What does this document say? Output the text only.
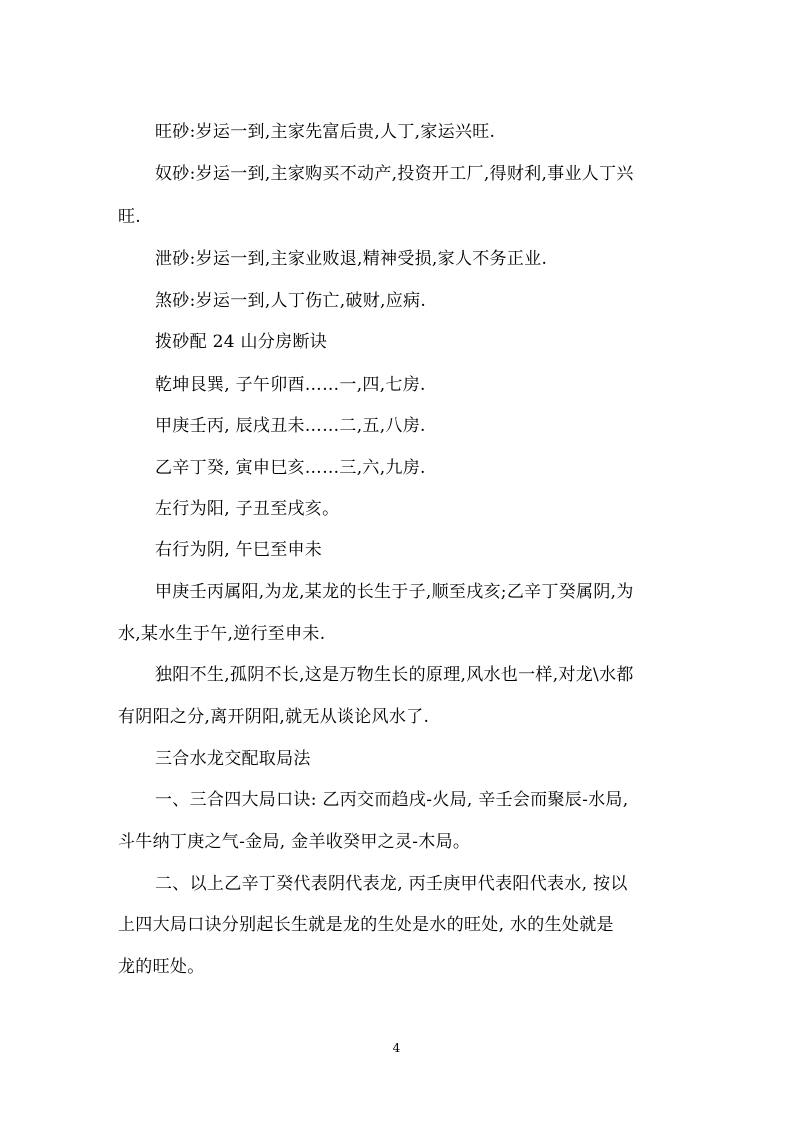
旺砂:岁运一到,主家先富后贵,人丁,家运兴旺.
奴砂:岁运一到,主家购买不动产,投资开工厂,得财利,事业人丁兴
旺.
泄砂:岁运一到,主家业败退,精神受损,家人不务正业.
煞砂:岁运一到,人丁伤亡,破财,应病.
拨砂配 24 山分房断诀
乾坤艮巽, 子午卯酉……一,四,七房.
甲庚壬丙, 辰戌丑未……二,五,八房.
乙辛丁癸, 寅申巳亥……三,六,九房.
左行为阳, 子丑至戌亥。
右行为阴, 午巳至申未
甲庚壬丙属阳,为龙,某龙的长生于子,顺至戌亥;乙辛丁癸属阴,为
水,某水生于午,逆行至申未.
独阳不生,孤阴不长,这是万物生长的原理,风水也一样,对龙\水都
有阴阳之分,离开阴阳,就无从谈论风水了.
三合水龙交配取局法
一、三合四大局口诀: 乙丙交而趋戌-火局, 辛壬会而聚辰-水局,
斗牛纳丁庚之气-金局, 金羊收癸甲之灵-木局。
二、以上乙辛丁癸代表阴代表龙, 丙壬庚甲代表阳代表水, 按以
上四大局口诀分别起长生就是龙的生处是水的旺处, 水的生处就是
龙的旺处。
4
